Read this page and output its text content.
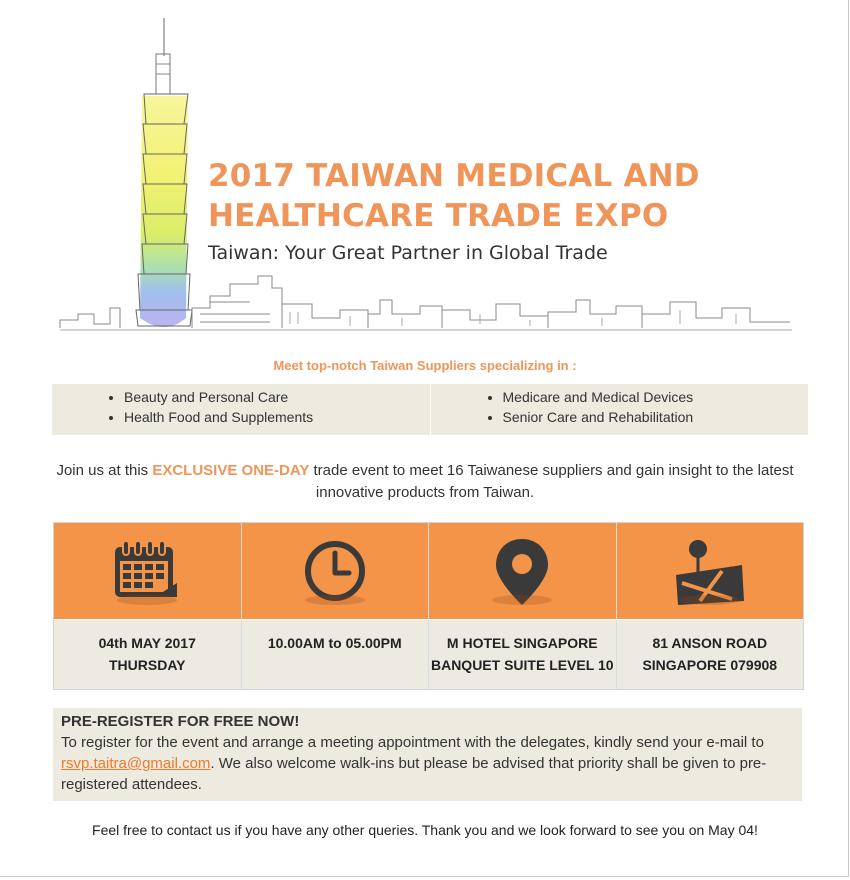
2017 TAIWAN MEDICAL AND
HEALTHCARE TRADE EXPO
Taiwan: Your Great Partner in Global Trade
Meet top-notch Taiwan Suppliers specializing in :
• Beauty and Personal Care
• Health Food and Supplements
• Medicare and Medical Devices
• Senior Care and Rehabilitation
Join us at this EXCLUSIVE ONE-DAY trade event to meet 16 Taiwanese suppliers and gain insight to the latest innovative products from Taiwan.
04th MAY 2017
THURSDAY
10.00AM to 05.00PM	M HOTEL SINGAPORE
BANQUET SUITE LEVEL 10
81 ANSON ROAD
SINGAPORE 079908
PRE-REGISTER FOR FREE NOW!
To register for the event and arrange a meeting appointment with the delegates, kindly send your e-mail to rsvp.taitra@gmail.com. We also welcome walk-ins but please be advised that priority shall be given to pre-registered attendees.
Feel free to contact us if you have any other queries. Thank you and we look forward to see you on May 04!
